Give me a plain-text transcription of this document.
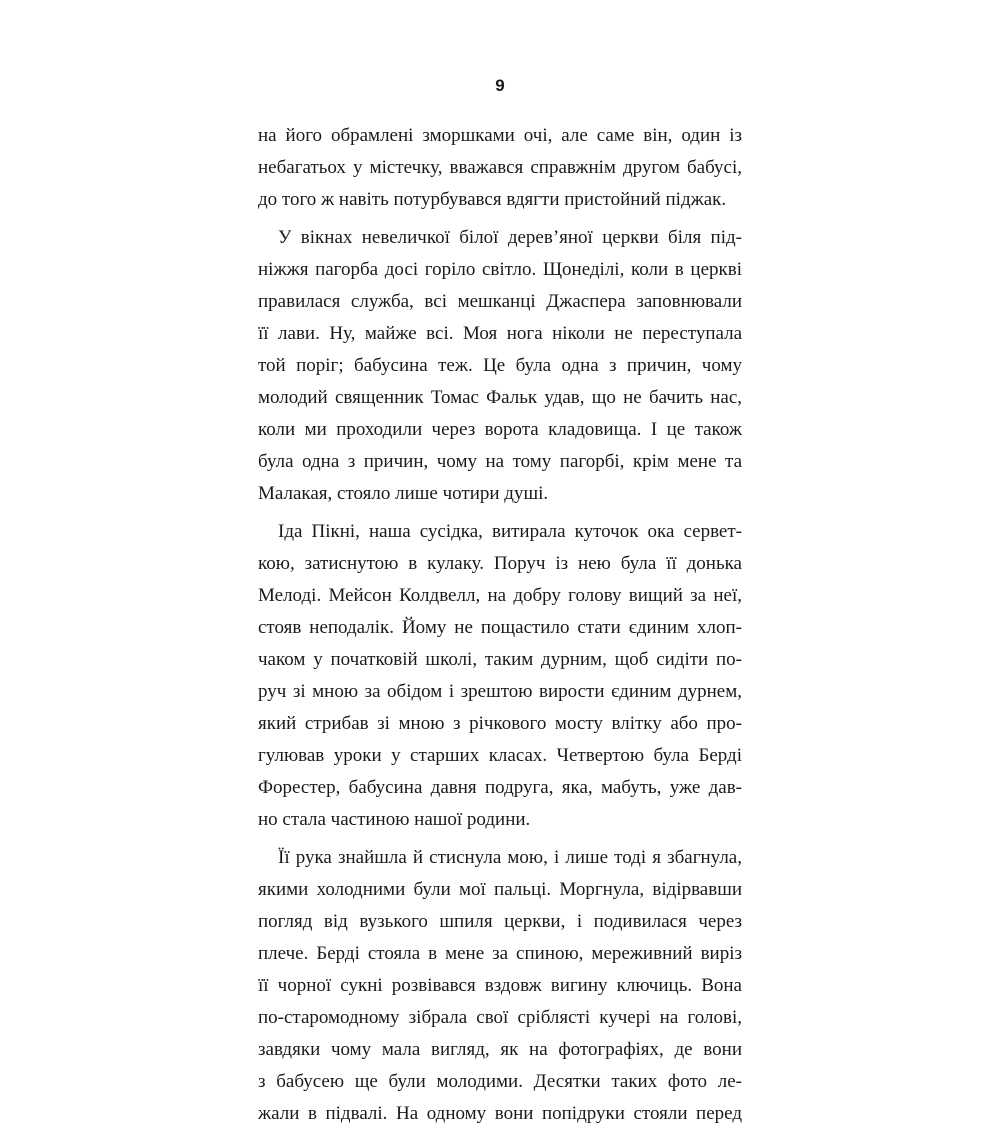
9
на його обрамлені зморшками очі, але саме він, один із
небагатьох у містечку, вважався справжнім другом бабусі,
до того ж навіть потурбувався вдягти пристойний піджак.
У вікнах невеличкої білої дерев’яної церкви біля під-
ніжжя пагорба досі горіло світло. Щонеділі, коли в церкві
правилася служба, всі мешканці Джаспера заповнювали
її лави. Ну, майже всі. Моя нога ніколи не переступала
той поріг; бабусина теж. Це була одна з причин, чому
молодий священник Томас Фальк удав, що не бачить нас,
коли ми проходили через ворота кладовища. І це також
була одна з причин, чому на тому пагорбі, крім мене та
Малакая, стояло лише чотири душі.
Іда Пікні, наша сусідка, витирала куточок ока сервет-
кою, затиснутою в кулаку. Поруч із нею була її донька
Мелоді. Мейсон Колдвелл, на добру голову вищий за неї,
стояв неподалік. Йому не пощастило стати єдиним хлоп-
чаком у початковій школі, таким дурним, щоб сидіти по-
руч зі мною за обідом і зрештою вирости єдиним дурнем,
який стрибав зі мною з річкового мосту влітку або про-
гулював уроки у старших класах. Четвертою була Берді
Форестер, бабусина давня подруга, яка, мабуть, уже дав-
но стала частиною нашої родини.
Її рука знайшла й стиснула мою, і лише тоді я збагнула,
якими холодними були мої пальці. Моргнула, відірвавши
погляд від вузького шпиля церкви, і подивилася через
плече. Берді стояла в мене за спиною, мереживний виріз
її чорної сукні розвівався вздовж вигину ключиць. Вона
по-старомодному зібрала свої сріблясті кучері на голові,
завдяки чому мала вигляд, як на фотографіях, де вони
з бабусею ще були молодими. Десятки таких фото ле-
жали в підвалі. На одному вони попідруки стояли перед
